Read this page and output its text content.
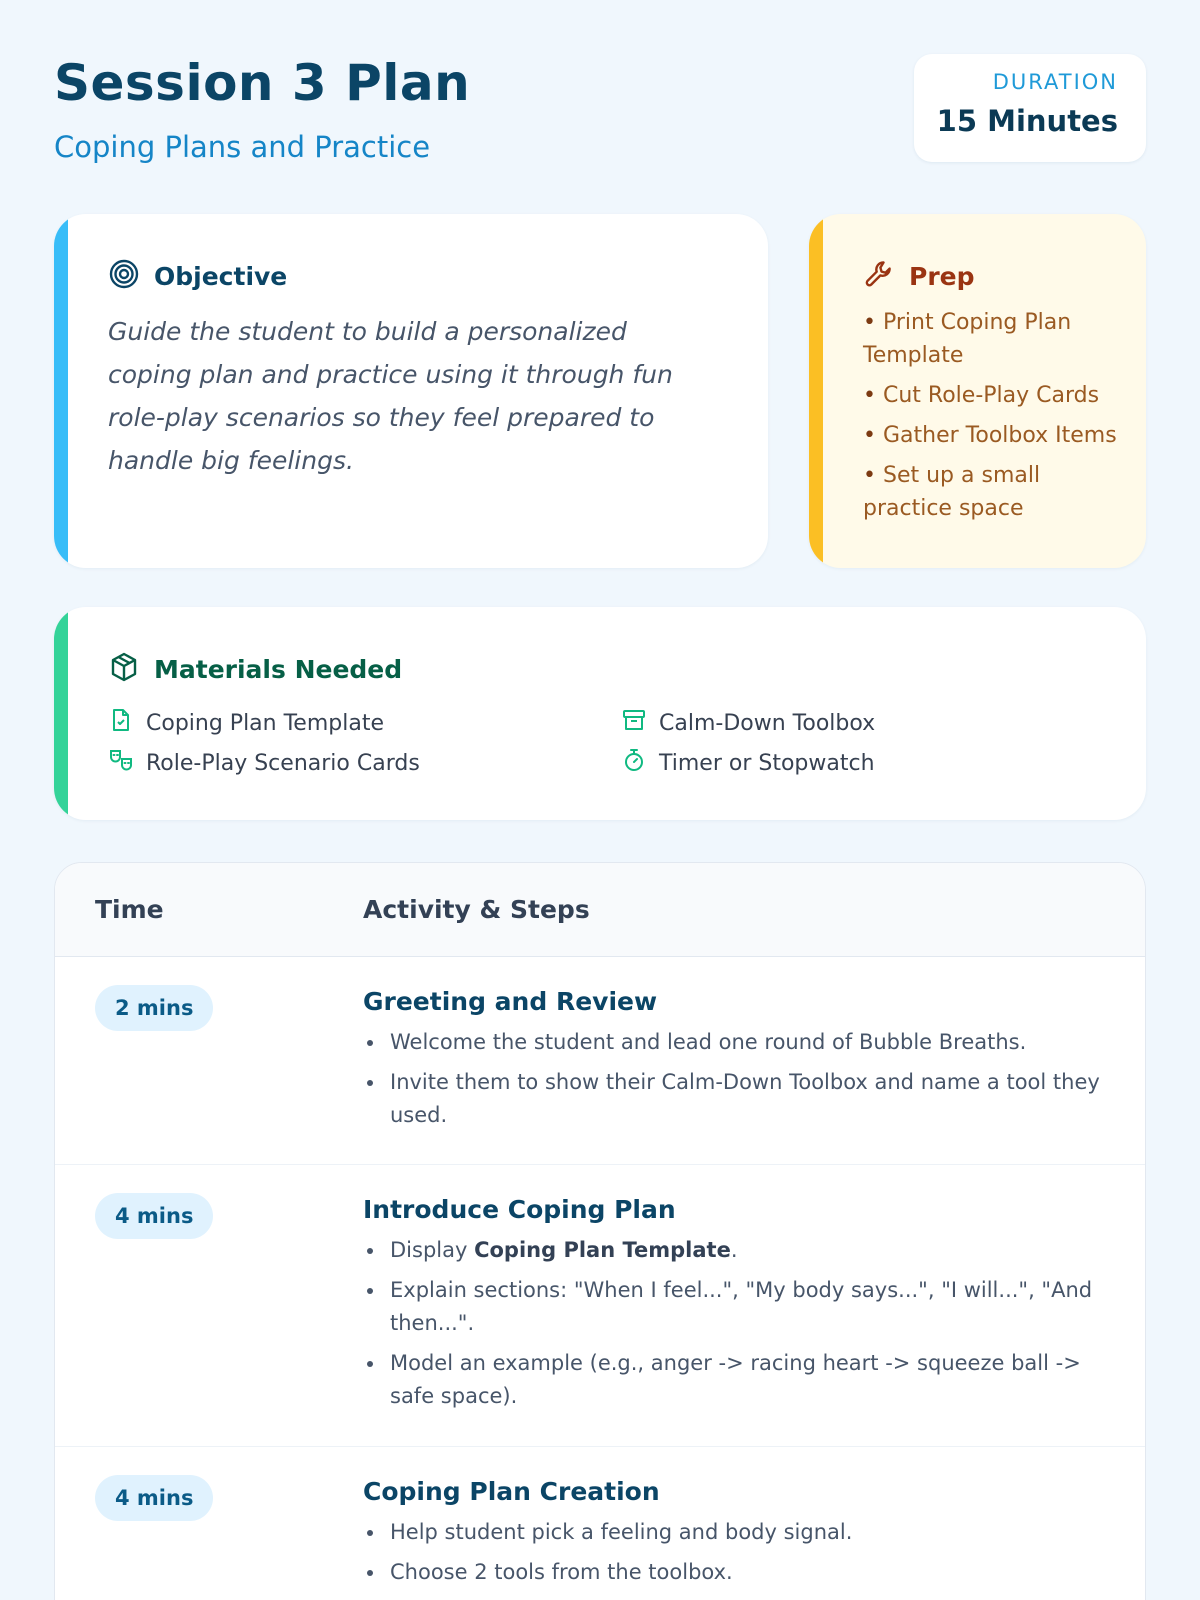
Session 3 Plan
Coping Plans and Practice
DURATION
15 Minutes
Objective

Guide the student to build a personalized coping plan and practice using it through fun role-play scenarios so they feel prepared to handle big feelings.

Prep
• Print Coping Plan Template
• Cut Role-Play Cards
• Gather Toolbox Items
• Set up a small practice space
Materials Needed
Coping Plan Template	Calm-Down Toolbox
Role-Play Scenario Cards	Timer or Stopwatch
Time	Activity & Steps
2 mins	Greeting and Review
Welcome the student and lead one round of Bubble Breaths.
Invite them to show their Calm-Down Toolbox and name a tool they used.
4 mins	Introduce Coping Plan
Display Coping Plan Template.
Explain sections: "When I feel...", "My body says...", "I will...", "And then...".
Model an example (e.g., anger -> racing heart -> squeeze ball -> safe space).
4 mins	Coping Plan Creation
Help student pick a feeling and body signal.
Choose 2 tools from the toolbox.
